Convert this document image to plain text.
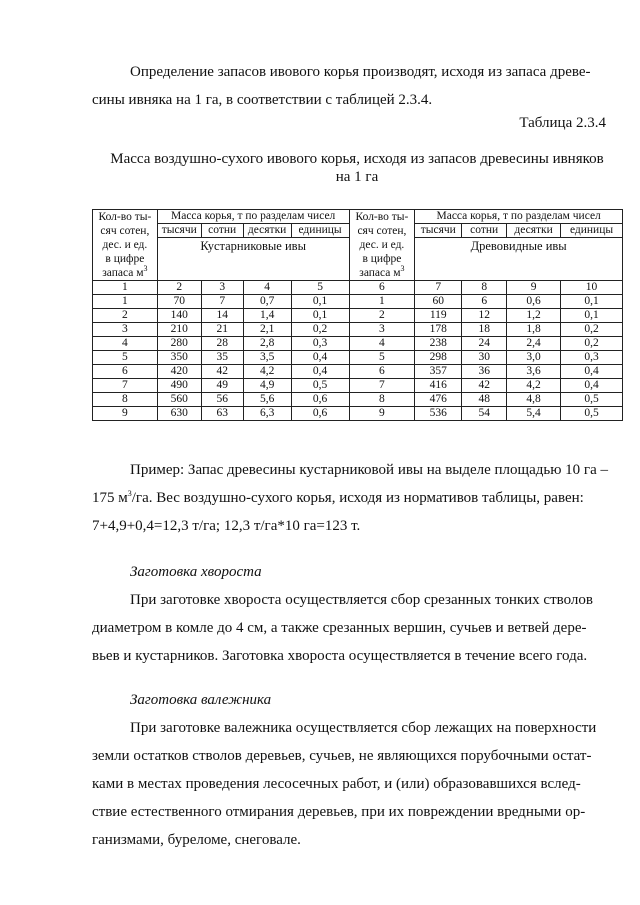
Определение запасов ивового корья производят, исходя из запаса древе-
сины ивняка на 1 га, в соответствии с таблицей 2.3.4.
Таблица 2.3.4
Масса воздушно-сухого ивового корья, исходя из запасов древесины ивняков
на 1 га
Кол-во ты-
сяч сотен,
дес. и ед.
в цифре
запаса $м^3$	Масса корья, т по разделам чисел				Кол-во ты-
сяч сотен,
дес. и ед.
в цифре
запаса $м^3$	Масса корья, т по разделам чисел			
	тысячи	сотни	десятки	единицы		тысячи	сотни	десятки	единицы
	Кустарниковые ивы					Древовидные ивы			
1	2	3	4	5	6	7	8	9	10
1	70	7	0,7	0,1	1	60	6	0,6	0,1
2	140	14	1,4	0,1	2	119	12	1,2	0,1
3	210	21	2,1	0,2	3	178	18	1,8	0,2
4	280	28	2,8	0,3	4	238	24	2,4	0,2
5	350	35	3,5	0,4	5	298	30	3,0	0,3
6	420	42	4,2	0,4	6	357	36	3,6	0,4
7	490	49	4,9	0,5	7	416	42	4,2	0,4
8	560	56	5,6	0,6	8	476	48	4,8	0,5
9	630	63	6,3	0,6	9	536	54	5,4	0,5
Пример: Запас древесины кустарниковой ивы на выделе площадью 10 га –
175 $м^3/га$. Вес воздушно-сухого корья, исходя из нормативов таблицы, равен:
7+4,9+0,4=12,3 т/га; 12,3 т/га*10 га=123 т.
Заготовка хвороста
При заготовке хвороста осуществляется сбор срезанных тонких стволов
диаметром в комле до 4 см, а также срезанных вершин, сучьев и ветвей дере-
вьев и кустарников. Заготовка хвороста осуществляется в течение всего года.
Заготовка валежника
При заготовке валежника осуществляется сбор лежащих на поверхности
земли остатков стволов деревьев, сучьев, не являющихся порубочными остат-
ками в местах проведения лесосечных работ, и (или) образовавшихся вслед-
ствие естественного отмирания деревьев, при их повреждении вредными ор-
ганизмами, буреломе, снеговале.
